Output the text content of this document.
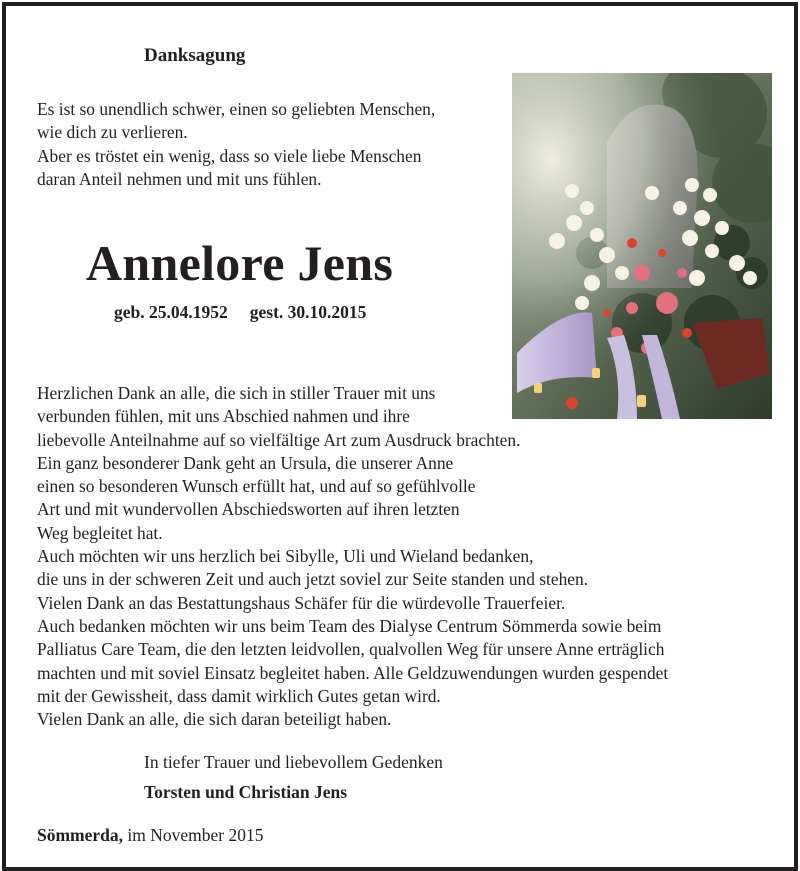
Danksagung
Es ist so unendlich schwer, einen so geliebten Menschen,
wie dich zu verlieren.
Aber es tröstet ein wenig, dass so viele liebe Menschen
daran Anteil nehmen und mit uns fühlen.
Annelore Jens
geb. 25.04.1952 gest. 30.10.2015
Herzlichen Dank an alle, die sich in stiller Trauer mit uns
verbunden fühlen, mit uns Abschied nahmen und ihre
liebevolle Anteilnahme auf so vielfältige Art zum Ausdruck brachten.
Ein ganz besonderer Dank geht an Ursula, die unserer Anne
einen so besonderen Wunsch erfüllt hat, und auf so gefühlvolle
Art und mit wundervollen Abschiedsworten auf ihren letzten
Weg begleitet hat.
Auch möchten wir uns herzlich bei Sibylle, Uli und Wieland bedanken,
die uns in der schweren Zeit und auch jetzt soviel zur Seite standen und stehen.
Vielen Dank an das Bestattungshaus Schäfer für die würdevolle Trauerfeier.
Auch bedanken möchten wir uns beim Team des Dialyse Centrum Sömmerda sowie beim
Palliatus Care Team, die den letzten leidvollen, qualvollen Weg für unsere Anne erträglich
machten und mit soviel Einsatz begleitet haben. Alle Geldzuwendungen wurden gespendet
mit der Gewissheit, dass damit wirklich Gutes getan wird.
Vielen Dank an alle, die sich daran beteiligt haben.
In tiefer Trauer und liebevollem Gedenken
Torsten und Christian Jens
Sömmerda, im November 2015
